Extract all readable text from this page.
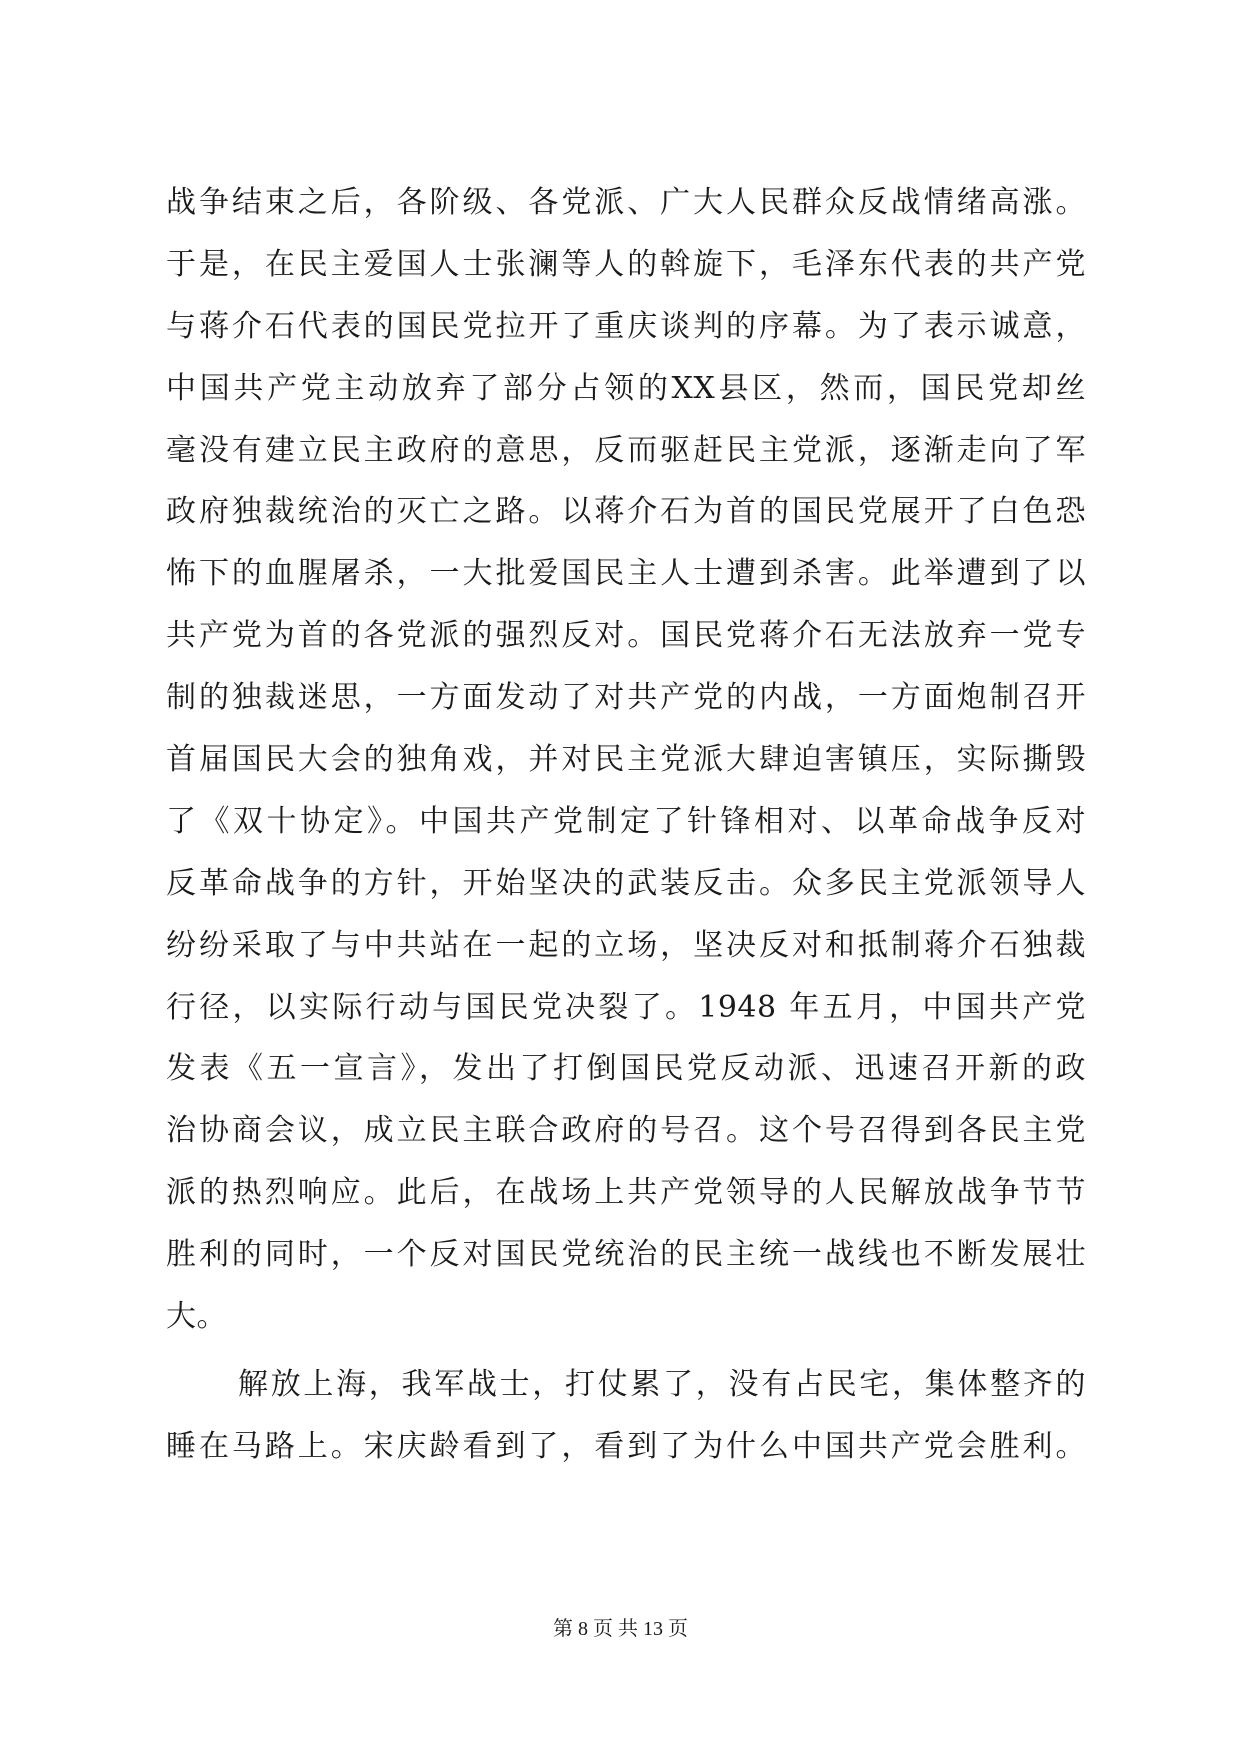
战争结束之后，各阶级、各党派、广大人民群众反战情绪高涨。
于是，在民主爱国人士张澜等人的斡旋下，毛泽东代表的共产党
与蒋介石代表的国民党拉开了重庆谈判的序幕。为了表示诚意，
中国共产党主动放弃了部分占领的XX县区，然而，国民党却丝
毫没有建立民主政府的意思，反而驱赶民主党派，逐渐走向了军
政府独裁统治的灭亡之路。以蒋介石为首的国民党展开了白色恐
怖下的血腥屠杀，一大批爱国民主人士遭到杀害。此举遭到了以
共产党为首的各党派的强烈反对。国民党蒋介石无法放弃一党专
制的独裁迷思，一方面发动了对共产党的内战，一方面炮制召开
首届国民大会的独角戏，并对民主党派大肆迫害镇压，实际撕毁
了《双十协定》。中国共产党制定了针锋相对、以革命战争反对
反革命战争的方针，开始坚决的武装反击。众多民主党派领导人
纷纷采取了与中共站在一起的立场，坚决反对和抵制蒋介石独裁
行径，以实际行动与国民党决裂了。1948 年五月，中国共产党
发表《五一宣言》，发出了打倒国民党反动派、迅速召开新的政
治协商会议，成立民主联合政府的号召。这个号召得到各民主党
派的热烈响应。此后，在战场上共产党领导的人民解放战争节节
胜利的同时，一个反对国民党统治的民主统一战线也不断发展壮
大。
解放上海，我军战士，打仗累了，没有占民宅，集体整齐的
睡在马路上。宋庆龄看到了，看到了为什么中国共产党会胜利。
第 8 页 共 13 页
